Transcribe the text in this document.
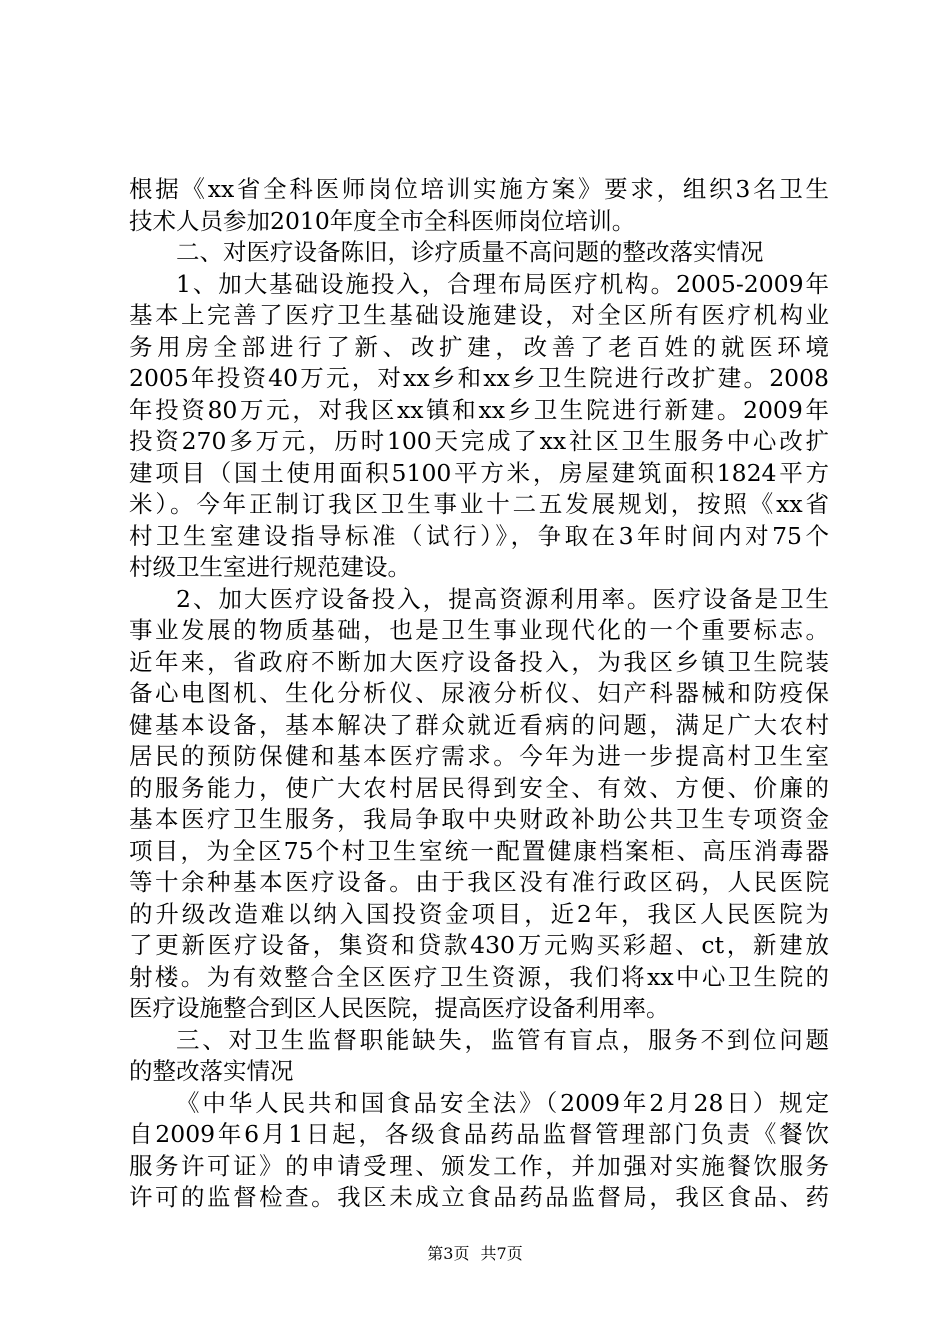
根据《xx省全科医师岗位培训实施方案》要求，组织3名卫生
技术人员参加2010年度全市全科医师岗位培训。
二、对医疗设备陈旧，诊疗质量不高问题的整改落实情况
1、加大基础设施投入，合理布局医疗机构。2005-2009年
基本上完善了医疗卫生基础设施建设，对全区所有医疗机构业
务用房全部进行了新、改扩建，改善了老百姓的就医环境
2005年投资40万元，对xx乡和xx乡卫生院进行改扩建。2008
年投资80万元，对我区xx镇和xx乡卫生院进行新建。2009年
投资270多万元，历时100天完成了xx社区卫生服务中心改扩
建项目（国土使用面积5100平方米，房屋建筑面积1824平方
米）。今年正制订我区卫生事业十二五发展规划，按照《xx省
村卫生室建设指导标准（试行）》，争取在3年时间内对75个
村级卫生室进行规范建设。
2、加大医疗设备投入，提高资源利用率。医疗设备是卫生
事业发展的物质基础，也是卫生事业现代化的一个重要标志。
近年来，省政府不断加大医疗设备投入，为我区乡镇卫生院装
备心电图机、生化分析仪、尿液分析仪、妇产科器械和防疫保
健基本设备，基本解决了群众就近看病的问题，满足广大农村
居民的预防保健和基本医疗需求。今年为进一步提高村卫生室
的服务能力，使广大农村居民得到安全、有效、方便、价廉的
基本医疗卫生服务，我局争取中央财政补助公共卫生专项资金
项目，为全区75个村卫生室统一配置健康档案柜、高压消毒器
等十余种基本医疗设备。由于我区没有准行政区码，人民医院
的升级改造难以纳入国投资金项目，近2年，我区人民医院为
了更新医疗设备，集资和贷款430万元购买彩超、ct，新建放
射楼。为有效整合全区医疗卫生资源，我们将xx中心卫生院的
医疗设施整合到区人民医院，提高医疗设备利用率。
三、对卫生监督职能缺失，监管有盲点，服务不到位问题
的整改落实情况
《中华人民共和国食品安全法》（2009年2月28日）规定
自2009年6月1日起，各级食品药品监督管理部门负责《餐饮
服务许可证》的申请受理、颁发工作，并加强对实施餐饮服务
许可的监督检查。我区未成立食品药品监督局，我区食品、药
第3页 共7页
